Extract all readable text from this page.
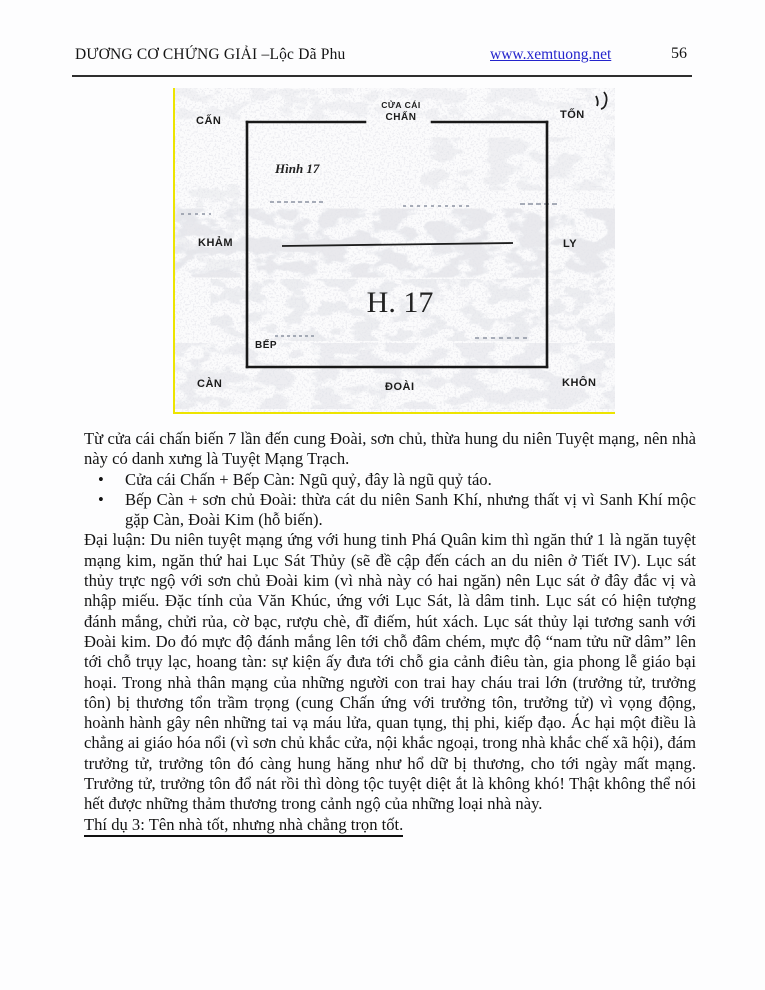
DƯƠNG CƠ CHỨNG GIẢI –Lộc Dã Phu	www.xemtuong.net	56
CẤN
CỬA CÁI
CHẤN	TỐN
KHẢM	LY
Hình 17
H. 17
BẾP
CÀN	ĐOÀI	KHÔN

Từ cửa cái chấn biến 7 lần đến cung Đoài, sơn chủ, thừa hung du niên Tuyệt mạng, nên nhà này có danh xưng là Tuyệt Mạng Trạch.

•	Cửa cái Chấn + Bếp Càn: Ngũ quỷ, đây là ngũ quỷ táo.
•	Bếp Càn + sơn chủ Đoài: thừa cát du niên Sanh Khí, nhưng thất vị vì Sanh Khí mộc gặp Càn, Đoài Kim (hỗ biến).

Đại luận: Du niên tuyệt mạng ứng với hung tinh Phá Quân kim thì ngăn thứ 1 là ngăn tuyệt mạng kim, ngăn thứ hai Lục Sát Thủy (sẽ đề cập đến cách an du niên ở Tiết IV). Lục sát thủy trực ngộ với sơn chủ Đoài kim (vì nhà này có hai ngăn) nên Lục sát ở đây đắc vị và nhập miếu. Đặc tính của Văn Khúc, ứng với Lục Sát, là dâm tinh. Lục sát có hiện tượng đánh mắng, chửi rủa, cờ bạc, rượu chè, đĩ điếm, hút xách. Lục sát thủy lại tương sanh với Đoài kim. Do đó mực độ đánh mắng lên tới chỗ đâm chém, mực độ “nam tửu nữ dâm” lên tới chỗ trụy lạc, hoang tàn: sự kiện ấy đưa tới chỗ gia cảnh điêu tàn, gia phong lễ giáo bại hoại. Trong nhà thân mạng của những người con trai hay cháu trai lớn (trưởng tử, trưởng tôn) bị thương tổn trầm trọng (cung Chấn ứng với trưởng tôn, trưởng tử) vì vọng động, hoành hành gây nên những tai vạ máu lửa, quan tụng, thị phi, kiếp đạo. Ác hại một điều là chẳng ai giáo hóa nổi (vì sơn chủ khắc cửa, nội khắc ngoại, trong nhà khắc chế xã hội), đám trưởng tử, trưởng tôn đó càng hung hăng như hổ dữ bị thương, cho tới ngày mất mạng. Trưởng tử, trưởng tôn đổ nát rồi thì dòng tộc tuyệt diệt ắt là không khó! Thật không thể nói hết được những thảm thương trong cảnh ngộ của những loại nhà này.

Thí dụ 3: Tên nhà tốt, nhưng nhà chẳng trọn tốt.
